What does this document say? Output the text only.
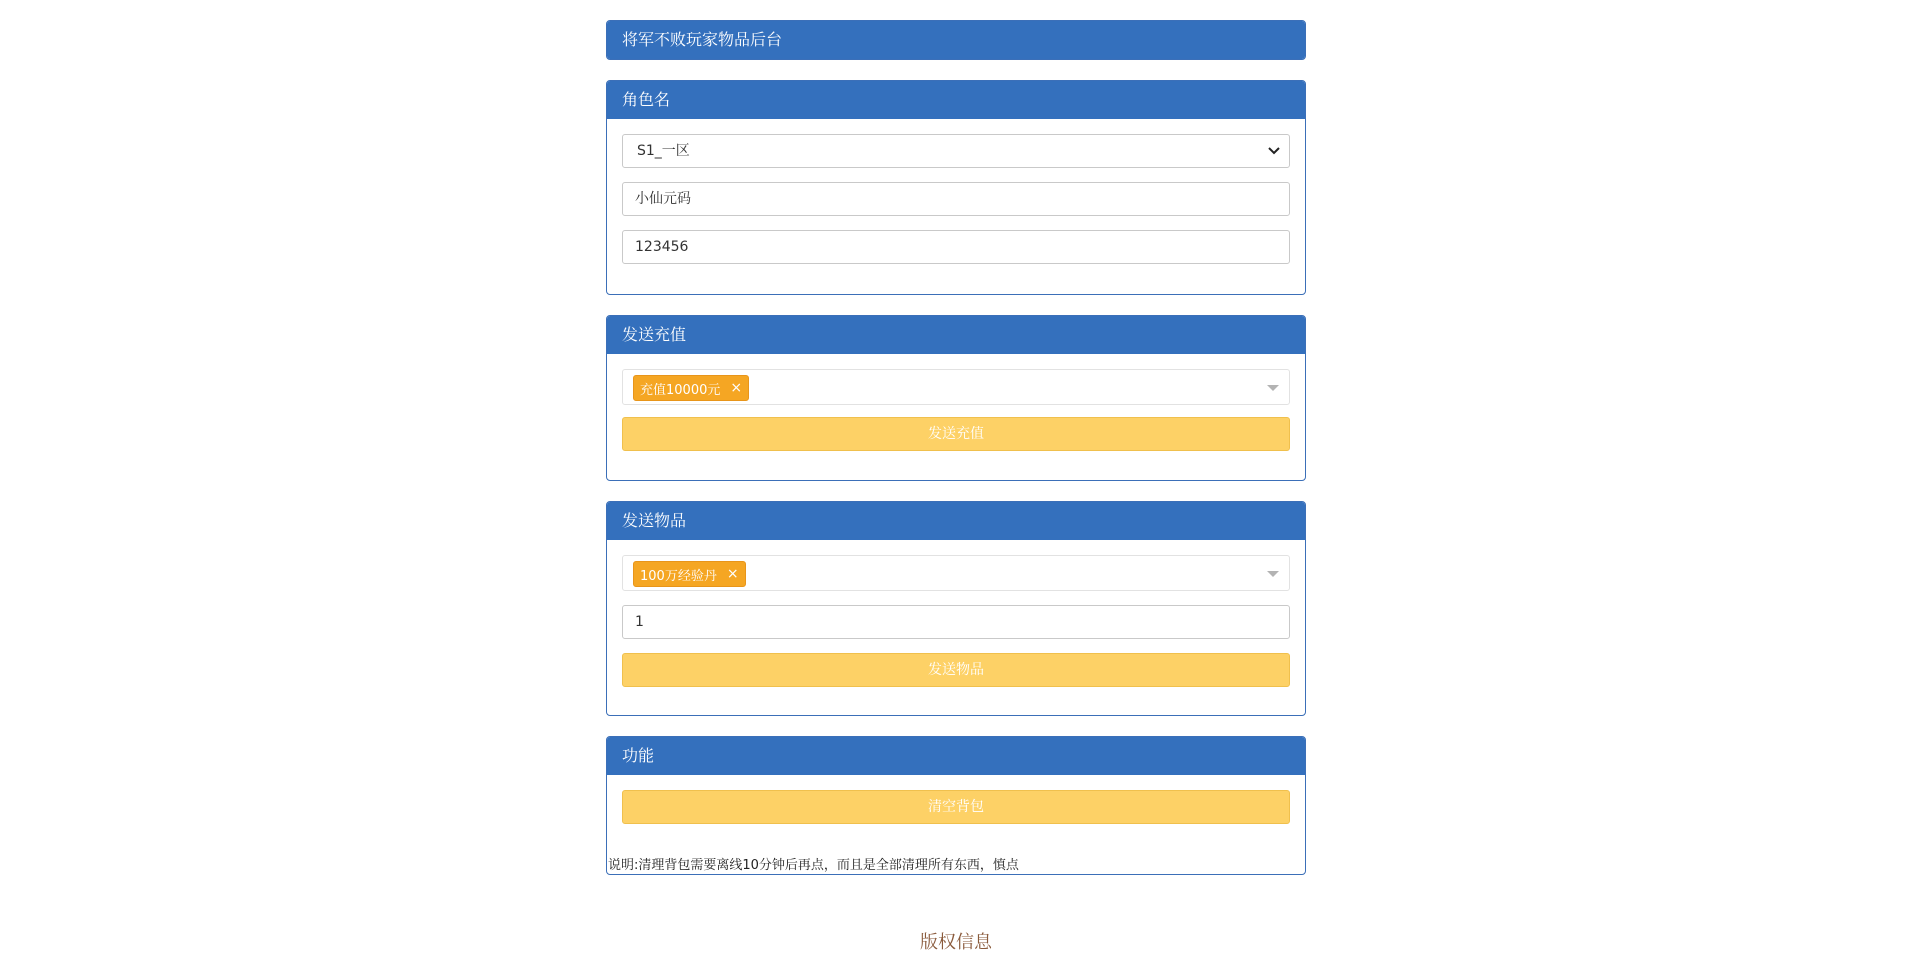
将军不败玩家物品后台
角色名
S1_一区
小仙元码
123456
发送充值
充值10000元 ×
发送充值
发送物品
100万经验丹 ×
1
发送物品
功能
清空背包
说明:清理背包需要离线10分钟后再点，而且是全部清理所有东西，慎点
版权信息
